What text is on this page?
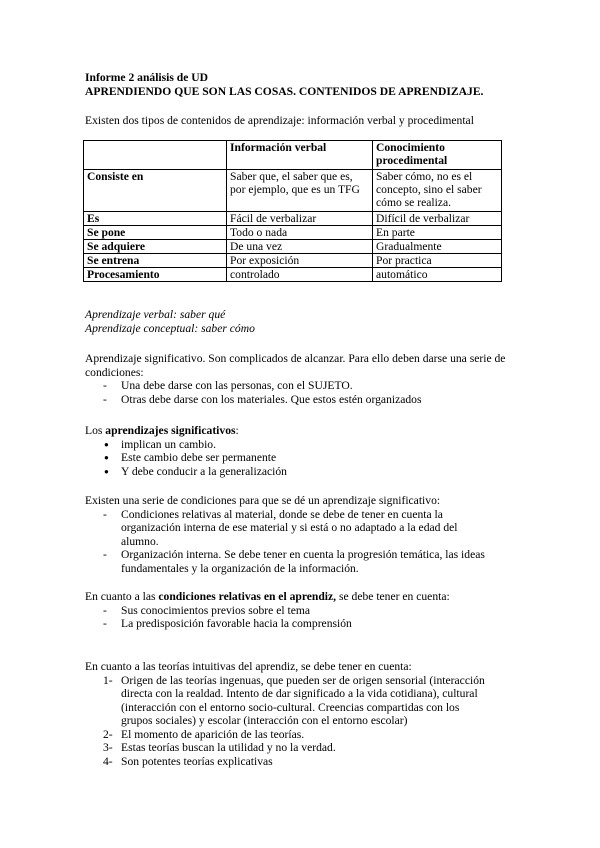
Informe 2 análisis de UD
APRENDIENDO QUE SON LAS COSAS. CONTENIDOS DE APRENDIZAJE.
Existen dos tipos de contenidos de aprendizaje: información verbal y procedimental
	Información verbal	Conocimiento procedimental
Consiste en	Saber que, el saber que es, por ejemplo, que es un TFG	Saber cómo, no es el concepto, sino el saber cómo se realiza.
Es	Fácil de verbalizar	Difícil de verbalizar
Se pone	Todo o nada	En parte
Se adquiere	De una vez	Gradualmente
Se entrena	Por exposición	Por practica
Procesamiento	controlado	automático
Aprendizaje verbal: saber qué
Aprendizaje conceptual: saber cómo
Aprendizaje significativo. Son complicados de alcanzar. Para ello deben darse una serie de condiciones:
- Una debe darse con las personas, con el SUJETO.
- Otras debe darse con los materiales. Que estos estén organizados
Los aprendizajes significativos:
● implican un cambio.
● Este cambio debe ser permanente
● Y debe conducir a la generalización
Existen una serie de condiciones para que se dé un aprendizaje significativo:
- Condiciones relativas al material, donde se debe de tener en cuenta la organización interna de ese material y si está o no adaptado a la edad del alumno.
- Organización interna. Se debe tener en cuenta la progresión temática, las ideas fundamentales y la organización de la información.
En cuanto a las condiciones relativas en el aprendiz, se debe tener en cuenta:
- Sus conocimientos previos sobre el tema
- La predisposición favorable hacia la comprensión
En cuanto a las teorías intuitivas del aprendiz, se debe tener en cuenta:
1- Origen de las teorías ingenuas, que pueden ser de origen sensorial (interacción directa con la realdad. Intento de dar significado a la vida cotidiana), cultural (interacción con el entorno socio-cultural. Creencias compartidas con los grupos sociales) y escolar (interacción con el entorno escolar)
2- El momento de aparición de las teorías.
3- Estas teorías buscan la utilidad y no la verdad.
4- Son potentes teorías explicativas
